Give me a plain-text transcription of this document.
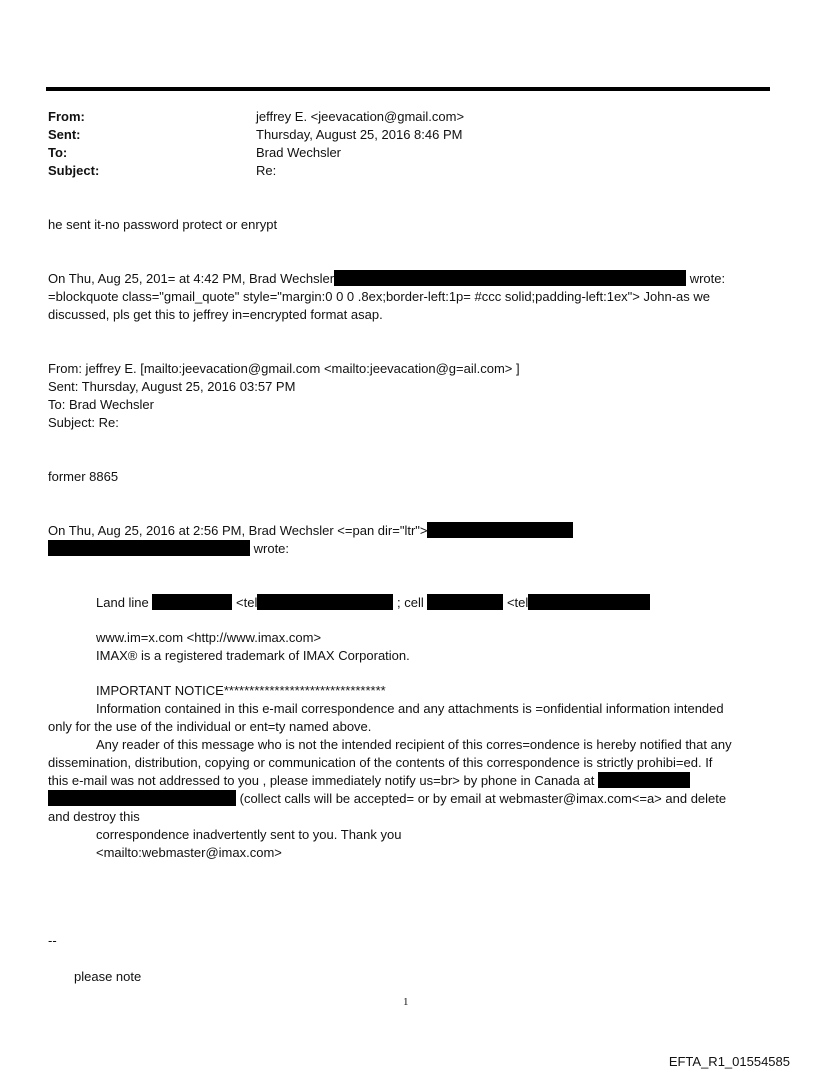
From:	jeffrey E. <jeevacation@gmail.com>
Sent:	Thursday, August 25, 2016 8:46 PM
To:	Brad Wechsler
Subject:	Re:
he sent it-no password protect or enrypt
On Thu, Aug 25, 201= at 4:42 PM, Brad Wechsler	wrote:
=blockquote class="gmail_quote" style="margin:0 0 0 .8ex;border-left:1p= #ccc solid;padding-left:1ex"> John-as we
discussed, pls get this to jeffrey in=encrypted format asap.
From: jeffrey E. [mailto:jeevacation@gmail.com <mailto:jeevacation@g=ail.com> ]
Sent: Thursday, August 25, 2016 03:57 PM
To: Brad Wechsler
Subject: Re:
former 8865
On Thu, Aug 25, 2016 at 2:56 PM, Brad Wechsler <=pan dir="ltr">
wrote:
Land line	<tel	; cell	<tel
www.im=x.com <http://www.imax.com>
IMAX® is a registered trademark of IMAX Corporation.
IMPORTANT NOTICE********************************
Information contained in this e-mail correspondence and any attachments is =onfidential information intended
only for the use of the individual or ent=ty named above.
Any reader of this message who is not the intended recipient of this corres=ondence is hereby notified that any
dissemination, distribution, copying or communication of the contents of this correspondence is strictly prohibi=ed. If
this e-mail was not addressed to you , please immediately notify us=br> by phone in Canada at
(collect calls will be accepted= or by email at webmaster@imax.com<=a> and delete
and destroy this
correspondence inadvertently sent to you. Thank you
<mailto:webmaster@imax.com>
--
please note
1
EFTA_R1_01554585
